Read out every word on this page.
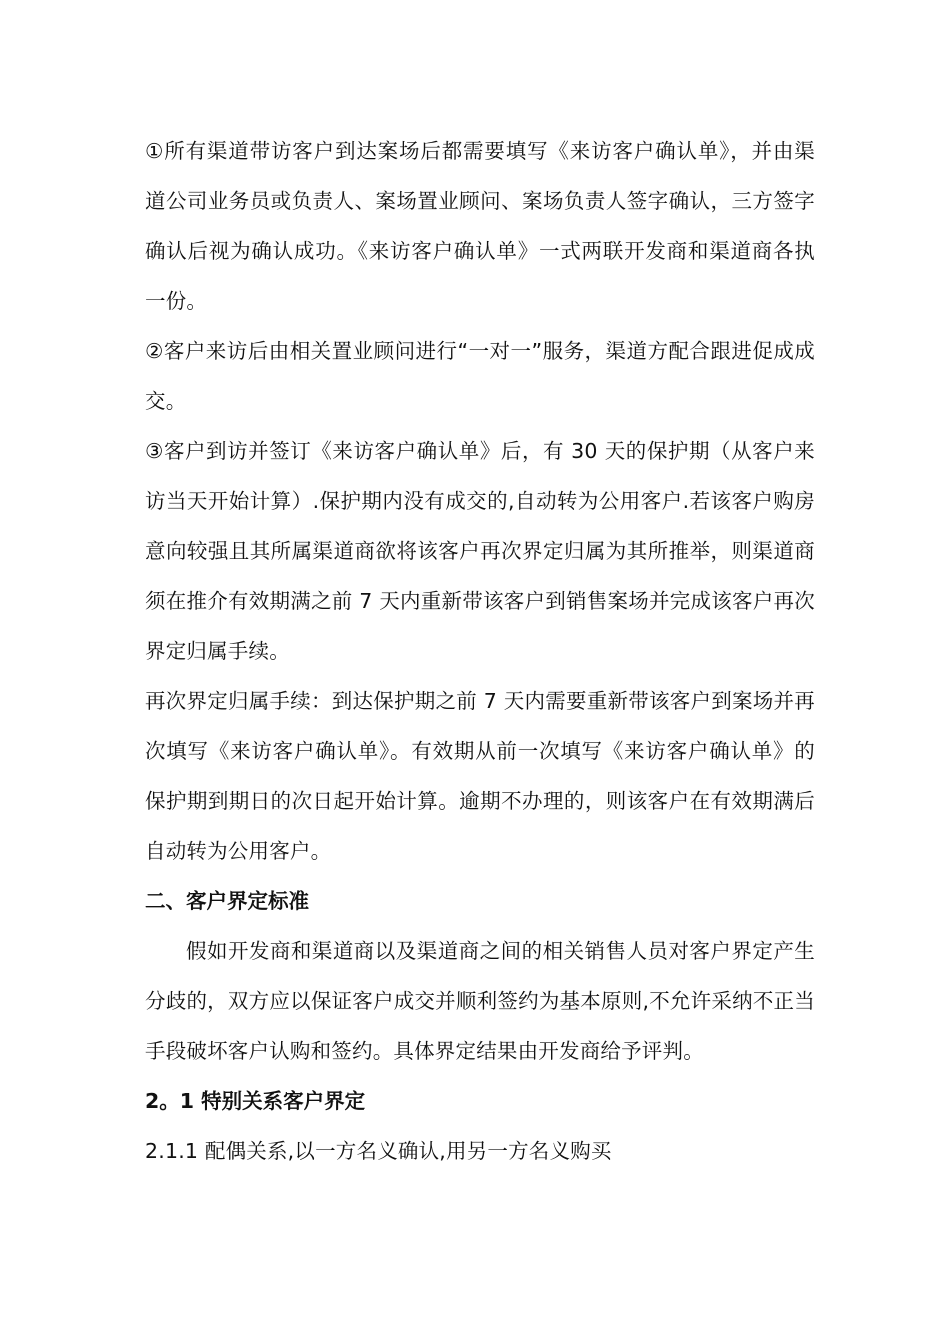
①所有渠道带访客户到达案场后都需要填写《来访客户确认单》，并由渠道公司业务员或负责人、案场置业顾问、案场负责人签字确认，三方签字确认后视为确认成功。《来访客户确认单》一式两联开发商和渠道商各执一份。

②客户来访后由相关置业顾问进行“一对一”服务，渠道方配合跟进促成成交。

③客户到访并签订《来访客户确认单》后，有 30 天的保护期（从客户来访当天开始计算）.保护期内没有成交的,自动转为公用客户.若该客户购房意向较强且其所属渠道商欲将该客户再次界定归属为其所推举，则渠道商须在推介有效期满之前 7 天内重新带该客户到销售案场并完成该客户再次界定归属手续。

再次界定归属手续：到达保护期之前 7 天内需要重新带该客户到案场并再次填写《来访客户确认单》。有效期从前一次填写《来访客户确认单》的保护期到期日的次日起开始计算。逾期不办理的，则该客户在有效期满后自动转为公用客户。

二、客户界定标准

假如开发商和渠道商以及渠道商之间的相关销售人员对客户界定产生分歧的，双方应以保证客户成交并顺利签约为基本原则,不允许采纳不正当手段破坏客户认购和签约。具体界定结果由开发商给予评判。

2。1 特别关系客户界定

2.1.1 配偶关系,以一方名义确认,用另一方名义购买
